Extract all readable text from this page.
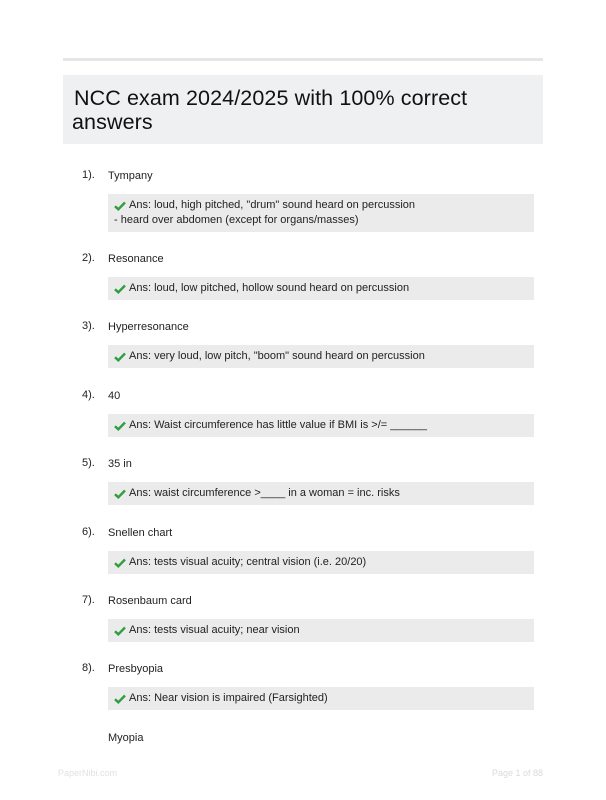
NCC exam 2024/2025 with 100% correct
answers
1). Tympany
Ans: loud, high pitched, "drum" sound heard on percussion
- heard over abdomen (except for organs/masses)
2). Resonance
Ans: loud, low pitched, hollow sound heard on percussion
3). Hyperresonance
Ans: very loud, low pitch, "boom" sound heard on percussion
4). 40
Ans: Waist circumference has little value if BMI is >/= ______
5). 35 in
Ans: waist circumference >____ in a woman = inc. risks
6). Snellen chart
Ans: tests visual acuity; central vision (i.e. 20/20)
7). Rosenbaum card
Ans: tests visual acuity; near vision
8). Presbyopia
Ans: Near vision is impaired (Farsighted)
Myopia
PaperNibi.com	Page 1 of 88
